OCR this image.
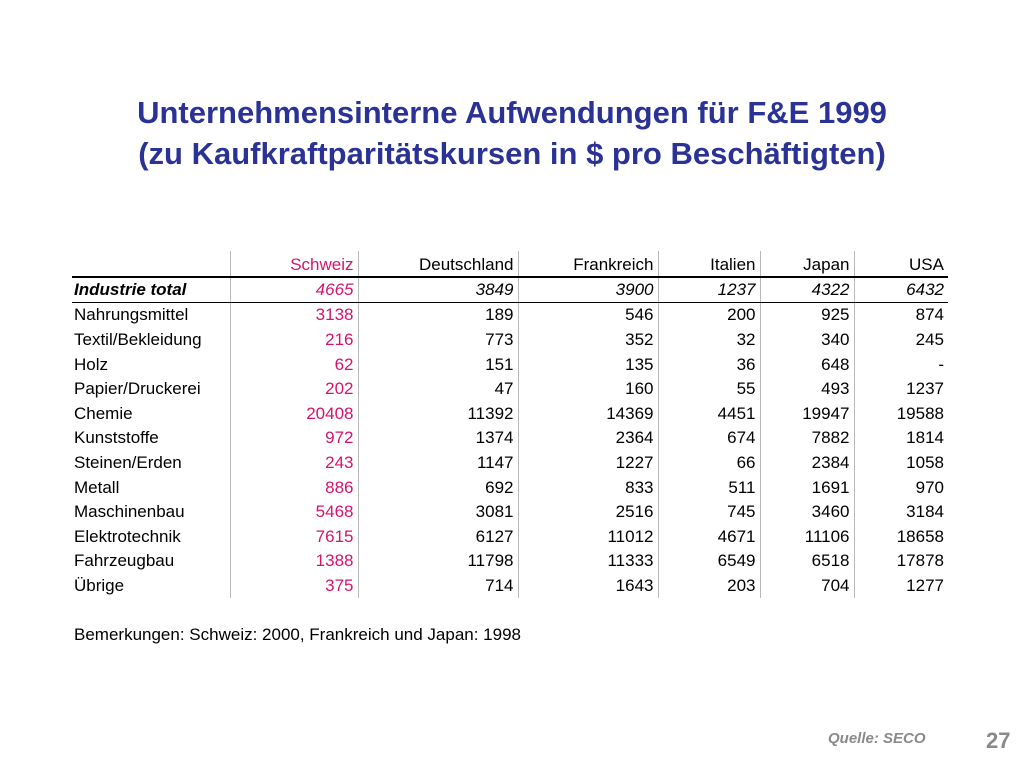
Unternehmensinterne Aufwendungen für F&E 1999
(zu Kaufkraftparitätskursen in $ pro Beschäftigten)
	Schweiz	Deutschland	Frankreich	Italien	Japan	USA
Industrie total	4665	3849	3900	1237	4322	6432
Nahrungsmittel	3138	189	546	200	925	874
Textil/Bekleidung	216	773	352	32	340	245
Holz	62	151	135	36	648	-
Papier/Druckerei	202	47	160	55	493	1237
Chemie	20408	11392	14369	4451	19947	19588
Kunststoffe	972	1374	2364	674	7882	1814
Steinen/Erden	243	1147	1227	66	2384	1058
Metall	886	692	833	511	1691	970
Maschinenbau	5468	3081	2516	745	3460	3184
Elektrotechnik	7615	6127	11012	4671	11106	18658
Fahrzeugbau	1388	11798	11333	6549	6518	17878
Übrige	375	714	1643	203	704	1277
Bemerkungen: Schweiz: 2000, Frankreich und Japan: 1998
Quelle: SECO	27
